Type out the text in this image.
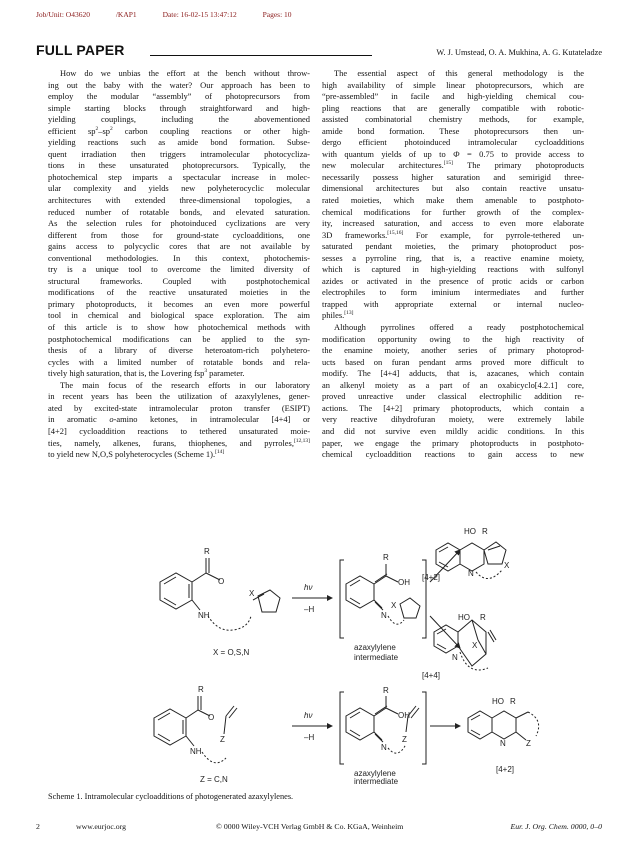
Job/Unit: O43620	/KAP1	Date: 16-02-15 13:47:12	Pages: 10
FULL PAPER	W. J. Umstead, O. A. Mukhina, A. G. Kutateladze
How do we unbias the effort at the bench without throw-
ing out the baby with the water? Our approach has been to
employ the modular “assembly” of photoprecursors from
simple starting blocks through straightforward and high-
yielding couplings, including the abovementioned
efficient $sp^2-sp^2$ carbon coupling reactions or other high-
yielding reactions such as amide bond formation. Subse-
quent irradiation then triggers intramolecular photocycliza-
tions in these unsaturated photoprecursors. Typically, the
photochemical step imparts a spectacular increase in molec-
ular complexity and yields new polyheterocyclic molecular
architectures with extended three-dimensional topologies, a
reduced number of rotatable bonds, and elevated saturation.
As the selection rules for photoinduced cyclizations are very
different from those for ground-state cycloadditions, one
gains access to polycyclic cores that are not available by
conventional methodologies. In this context, photochemis-
try is a unique tool to overcome the limited diversity of
structural frameworks. Coupled with postphotochemical
modifications of the reactive unsaturated moieties in the
primary photoproducts, it becomes an even more powerful
tool in chemical and biological space exploration. The aim
of this article is to show how photochemical methods with
postphotochemical modifications can be applied to the syn-
thesis of a library of diverse heteroatom-rich polyhetero-
cycles with a limited number of rotatable bonds and rela-
tively high saturation, that is, the Lovering fsp$^3$ parameter.
The main focus of the research efforts in our laboratory
in recent years has been the utilization of azaxylylenes, gener-
ated by excited-state intramolecular proton transfer (ESIPT)
in aromatic o-amino ketones, in intramolecular [4+4] or
[4+2] cycloaddition reactions to tethered unsaturated moie-
ties, namely, alkenes, furans, thiophenes, and pyrroles,[12,13]
to yield new N,O,S polyheterocycles (Scheme 1).[14]
The essential aspect of this general methodology is the
high availability of simple linear photoprecursors, which are
“pre-assembled” in facile and high-yielding chemical cou-
pling reactions that are generally compatible with robotic-
assisted combinatorial chemistry methods, for example,
amide bond formation. These photoprecursors then un-
dergo efficient photoinduced intramolecular cycloadditions
with quantum yields of up to Φ = 0.75 to provide access to
new molecular architectures.[15] The primary photoproducts
necessarily possess higher saturation and semirigid three-
dimensional architectures but also contain reactive unsatu-
rated moieties, which make them amenable to postphoto-
chemical modifications for further growth of the complex-
ity, increased saturation, and access to even more elaborate
3D frameworks.[15,16] For example, for pyrrole-tethered un-
saturated pendant moieties, the primary photoproduct pos-
sesses a pyrroline ring, that is, a reactive enamine moiety,
which is captured in high-yielding reactions with sulfonyl
azides or activated in the presence of protic acids or carbon
electrophiles to form iminium intermediates and further
trapped with appropriate external or internal nucleo-
philes.[13]
Although pyrrolines offered a ready postphotochemical
modification opportunity owing to the high reactivity of
the enamine moiety, another series of primary photoprod-
ucts based on furan pendant arms proved more difficult to
modify. The [4+4] adducts, that is, azacanes, which contain
an alkenyl moiety as a part of an oxabicyclo[4.2.1] core,
proved unreactive under classical electrophilic addition re-
actions. The [4+2] primary photoproducts, which contain a
very reactive dihydrofuran moiety, were extremely labile
and did not survive even mildly acidic conditions. In this
paper, we engage the primary photoproducts in postphoto-
chemical cycloaddition reactions to gain access to new
R
O
NH
X
X = O,S,N
hν
–H
R
OH
N
X
azaxylylene
intermediate
HO R
N
X
[4+2]
HO R
X
N
[4+4]
R
O
NH
Z
Z = C,N
hν
–H
R
OH
N
Z
azaxylylene
intermediate
HO R
N	Z
[4+2]
Scheme 1. Intramolecular cycloadditions of photogenerated azaxylylenes.
2	www.eurjoc.org	© 0000 Wiley-VCH Verlag GmbH & Co. KGaA, Weinheim	Eur. J. Org. Chem. 0000, 0–0
